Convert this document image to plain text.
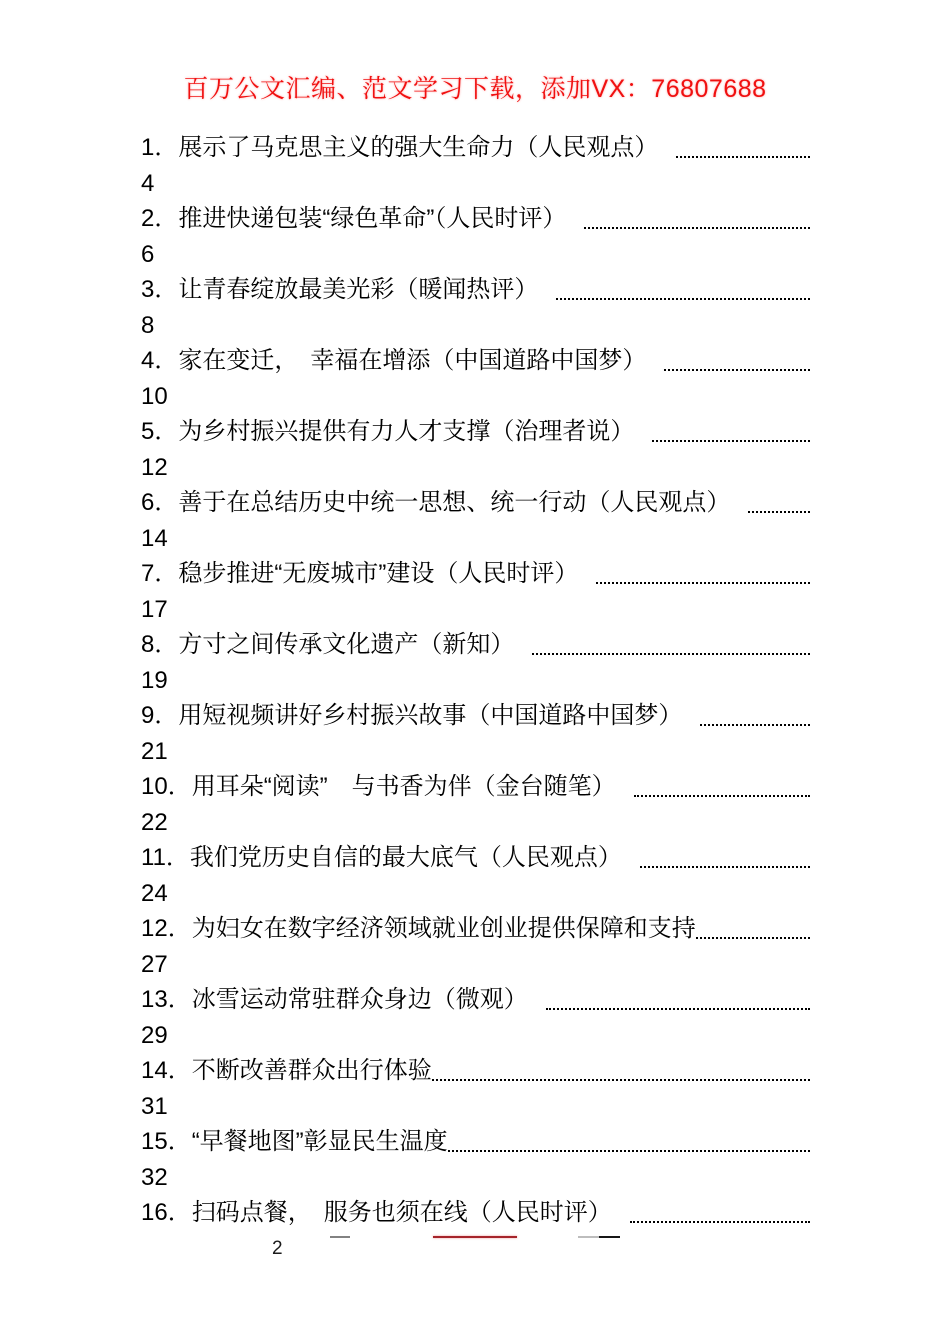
百万公文汇编、范文学习下载，添加VX：76807688
1．展示了马克思主义的强大生命力（人民观点）
4
2．推进快递包装“绿色革命”（人民时评）
6
3．让青春绽放最美光彩（暖闻热评）
8
4．家在变迁，　幸福在增添（中国道路中国梦）
10
5．为乡村振兴提供有力人才支撑（治理者说）
12
6．善于在总结历史中统一思想、统一行动（人民观点）
14
7．稳步推进“无废城市”建设（人民时评）
17
8．方寸之间传承文化遗产（新知）
19
9．用短视频讲好乡村振兴故事（中国道路中国梦）
21
10．用耳朵“阅读”　与书香为伴（金台随笔）
22
11．我们党历史自信的最大底气（人民观点）
24
12．为妇女在数字经济领域就业创业提供保障和支持
27
13．冰雪运动常驻群众身边（微观）
29
14．不断改善群众出行体验
31
15．“早餐地图”彰显民生温度
32
16．扫码点餐，　服务也须在线（人民时评）
2
